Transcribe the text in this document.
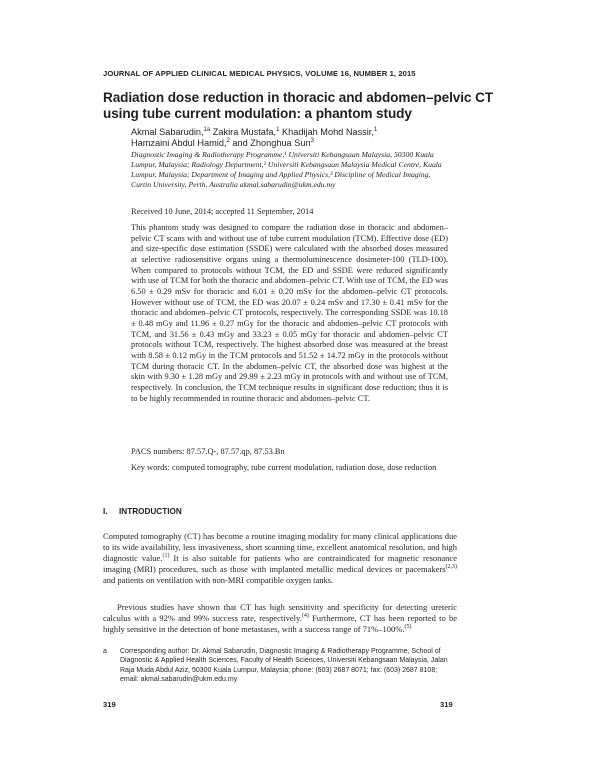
JOURNAL OF APPLIED CLINICAL MEDICAL PHYSICS, VOLUME 16, NUMBER 1, 2015
Radiation dose reduction in thoracic and abdomen–pelvic CT using tube current modulation: a phantom study
Akmal Sabarudin,$^{1a}$ Zakira Mustafa,$^1$ Khadijah Mohd Nassir,$^1$
Hamzaini Abdul Hamid,$^2$ and Zhonghua Sun$^3$
Diagnostic Imaging & Radiotherapy Programme,¹ Universiti Kebangsaan Malaysia, 50300 Kuala Lumpur, Malaysia; Radiology Department,² Universiti Kebangsaan Malaysia Medical Centre, Kuala Lumpur, Malaysia; Department of Imaging and Applied Physics,³ Discipline of Medical Imaging, Curtin University, Perth, Australia akmal.sabarudin@ukm.edu.my
Received 10 June, 2014; accepted 11 September, 2014
This phantom study was designed to compare the radiation dose in thoracic and abdomen–pelvic CT scans with and without use of tube current modulation (TCM). Effective dose (ED) and size-specific dose estimation (SSDE) were calculated with the absorbed doses measured at selective radiosensitive organs using a thermoluminescence dosimeter-100 (TLD-100). When compared to protocols without TCM, the ED and SSDE were reduced significantly with use of TCM for both the thoracic and abdomen–pelvic CT. With use of TCM, the ED was 6.50 ± 0.29 mSv for thoracic and 6.01 ± 0.20 mSv for the abdomen–pelvic CT protocols. However without use of TCM, the ED was 20.07 ± 0.24 mSv and 17.30 ± 0.41 mSv for the thoracic and abdomen–pelvic CT protocols, respectively. The corresponding SSDE was 10.18 ± 0.48 mGy and 11.96 ± 0.27 mGy for the thoracic and abdomen–pelvic CT protocols with TCM, and 31.56 ± 0.43 mGy and 33.23 ± 0.05 mGy for thoracic and abdomen–pelvic CT protocols without TCM, respectively. The highest absorbed dose was measured at the breast with 8.58 ± 0.12 mGy in the TCM protocols and 51.52 ± 14.72 mGy in the protocols without TCM during thoracic CT. In the abdomen–pelvic CT, the absorbed dose was highest at the skin with 9.30 ± 1.28 mGy and 29.99 ± 2.23 mGy in protocols with and without use of TCM, respectively. In conclusion, the TCM technique results in significant dose reduction; thus it is to be highly recommended in routine thoracic and abdomen–pelvic CT.
PACS numbers: 87.57.Q-, 87.57.qp, 87.53.Bn
Key words: computed tomography, tube current modulation, radiation dose, dose reduction
I. INTRODUCTION
Computed tomography (CT) has become a routine imaging modality for many clinical applications due to its wide availability, less invasiveness, short scanning time, excellent anatomical resolution, and high diagnostic value.$^{(1)}$ It is also suitable for patients who are contraindicated for magnetic resonance imaging (MRI) procedures, such as those with implanted metallic medical devices or pacemakers$^{(2,3)}$ and patients on ventilation with non-MRI compatible oxygen tanks.
Previous studies have shown that CT has high sensitivity and specificity for detecting ureteric calculus with a 92% and 99% success rate, respectively.$^{(4)}$ Furthermore, CT has been reported to be highly sensitive in the detection of bone metastases, with a success range of 71%–100%.$^{(5)}$
a Corresponding author: Dr. Akmal Sabarudin, Diagnostic Imaging & Radiotherapy Programme, School of Diagnostic & Applied Health Sciences, Faculty of Health Sciences, Universiti Kebangsaan Malaysia, Jalan Raja Muda Abdul Aziz, 50300 Kuala Lumpur, Malaysia; phone: (603) 2687 8071; fax: (603) 2687 8108; email: akmal.sabarudin@ukm.edu.my
319	319
